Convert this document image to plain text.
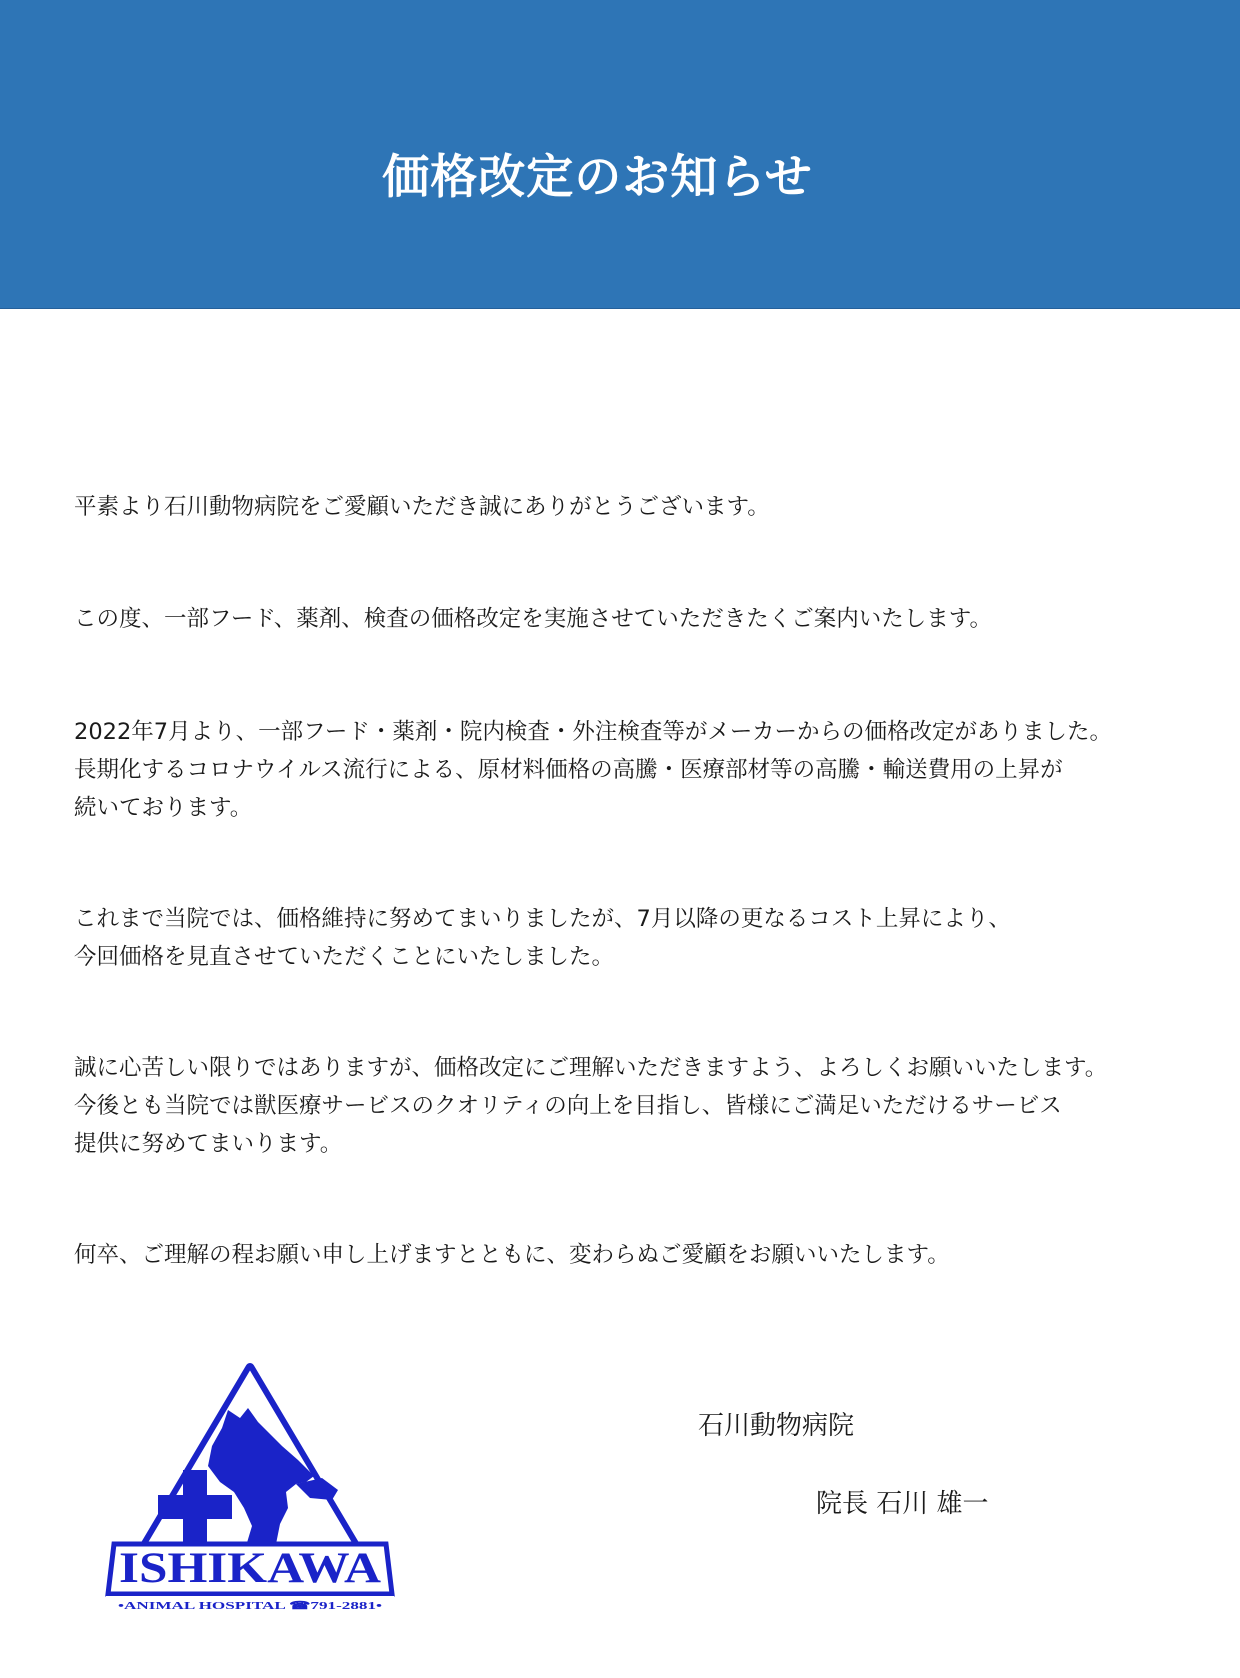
価格改定のお知らせ
平素より石川動物病院をご愛顧いただき誠にありがとうございます。
この度、一部フード、薬剤、検査の価格改定を実施させていただきたくご案内いたします。
2022年7月より、一部フード・薬剤・院内検査・外注検査等がメーカーからの価格改定がありました。
長期化するコロナウイルス流行による、原材料価格の高騰・医療部材等の高騰・輸送費用の上昇が
続いております。
これまで当院では、価格維持に努めてまいりましたが、7月以降の更なるコスト上昇により、
今回価格を見直させていただくことにいたしました。
誠に心苦しい限りではありますが、価格改定にご理解いただきますよう、よろしくお願いいたします。
今後とも当院では獣医療サービスのクオリティの向上を目指し、皆様にご満足いただけるサービス
提供に努めてまいります。
何卒、ご理解の程お願い申し上げますとともに、変わらぬご愛顧をお願いいたします。
ISHIKAWA
•ANIMAL HOSPITAL ☎791-2881•
石川動物病院
院長 石川 雄一
